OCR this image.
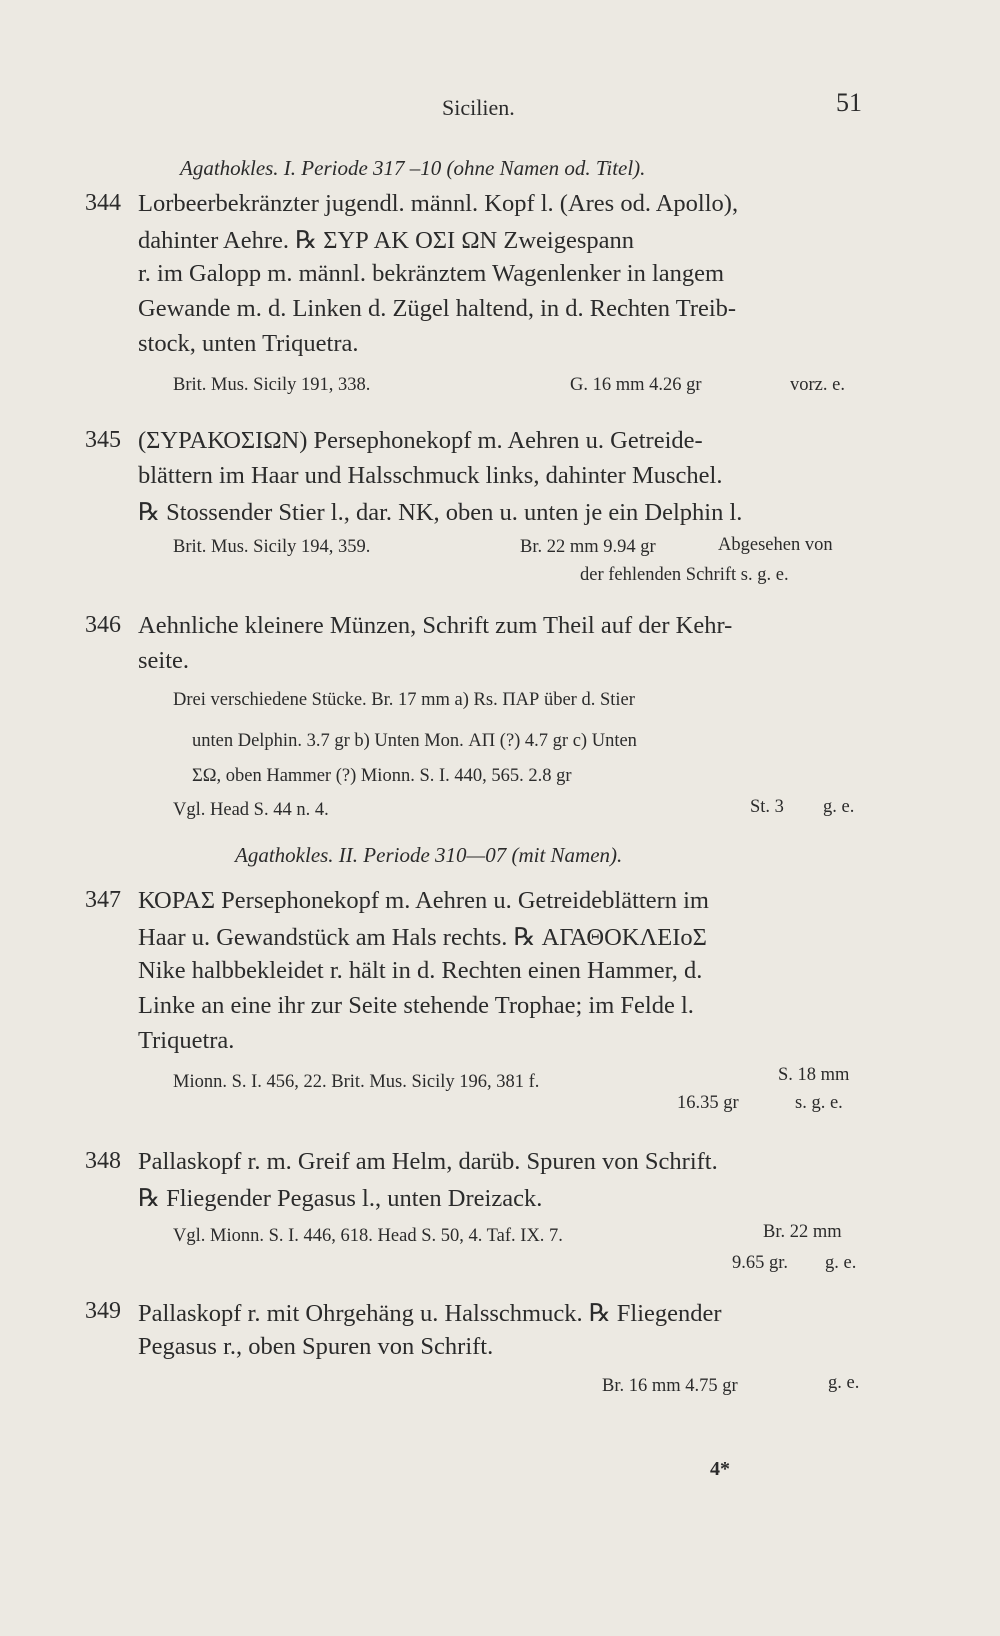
Sicilien.	51
Agathokles. I. Periode 317 –10 (ohne Namen od. Titel).
344 Lorbeerbekränzter jugendl. männl. Kopf l. (Ares od. Apollo),
dahinter Aehre. ℞ ΣΥΡ ΑΚ ΟΣΙ ΩΝ Zweigespann
r. im Galopp m. männl. bekränztem Wagenlenker in langem
Gewande m. d. Linken d. Zügel haltend, in d. Rechten Treib-
stock, unten Triquetra.
Brit. Mus. Sicily 191, 338.	G. 16 mm 4.26 gr	vorz. e.
345 (ΣΥΡΑΚΟΣΙΩΝ) Persephonekopf m. Aehren u. Getreide-
blättern im Haar und Halsschmuck links, dahinter Muschel.
℞ Stossender Stier l., dar. ΝΚ, oben u. unten je ein Delphin l.
Brit. Mus. Sicily 194, 359.	Br. 22 mm 9.94 gr	Abgesehen von
der fehlenden Schrift s. g. e.
346 Aehnliche kleinere Münzen, Schrift zum Theil auf der Kehr-
seite.
Drei verschiedene Stücke. Br. 17 mm a) Rs. ΠΑΡ über d. Stier
unten Delphin. 3.7 gr b) Unten Mon. ΑΠ (?) 4.7 gr c) Unten
ΣΩ, oben Hammer (?) Mionn. S. I. 440, 565. 2.8 gr
Vgl. Head S. 44 n. 4.	St. 3 g. e.
Agathokles. II. Periode 310—07 (mit Namen).
347 ΚΟΡΑΣ Persephonekopf m. Aehren u. Getreideblättern im
Haar u. Gewandstück am Hals rechts. ℞ ΑΓΑΘΟΚΛΕΙοΣ
Nike halbbekleidet r. hält in d. Rechten einen Hammer, d.
Linke an eine ihr zur Seite stehende Trophae; im Felde l.
Triquetra.
Mionn. S. I. 456, 22. Brit. Mus. Sicily 196, 381 f.	S. 18 mm
16.35 gr	s. g. e.
348 Pallaskopf r. m. Greif am Helm, darüb. Spuren von Schrift.
℞ Fliegender Pegasus l., unten Dreizack.
Vgl. Mionn. S. I. 446, 618. Head S. 50, 4. Taf. IX. 7.	Br. 22 mm
9.65 gr. g. e.
349 Pallaskopf r. mit Ohrgehäng u. Halsschmuck. ℞ Fliegender
Pegasus r., oben Spuren von Schrift.
Br. 16 mm 4.75 gr	g. e.
4*
